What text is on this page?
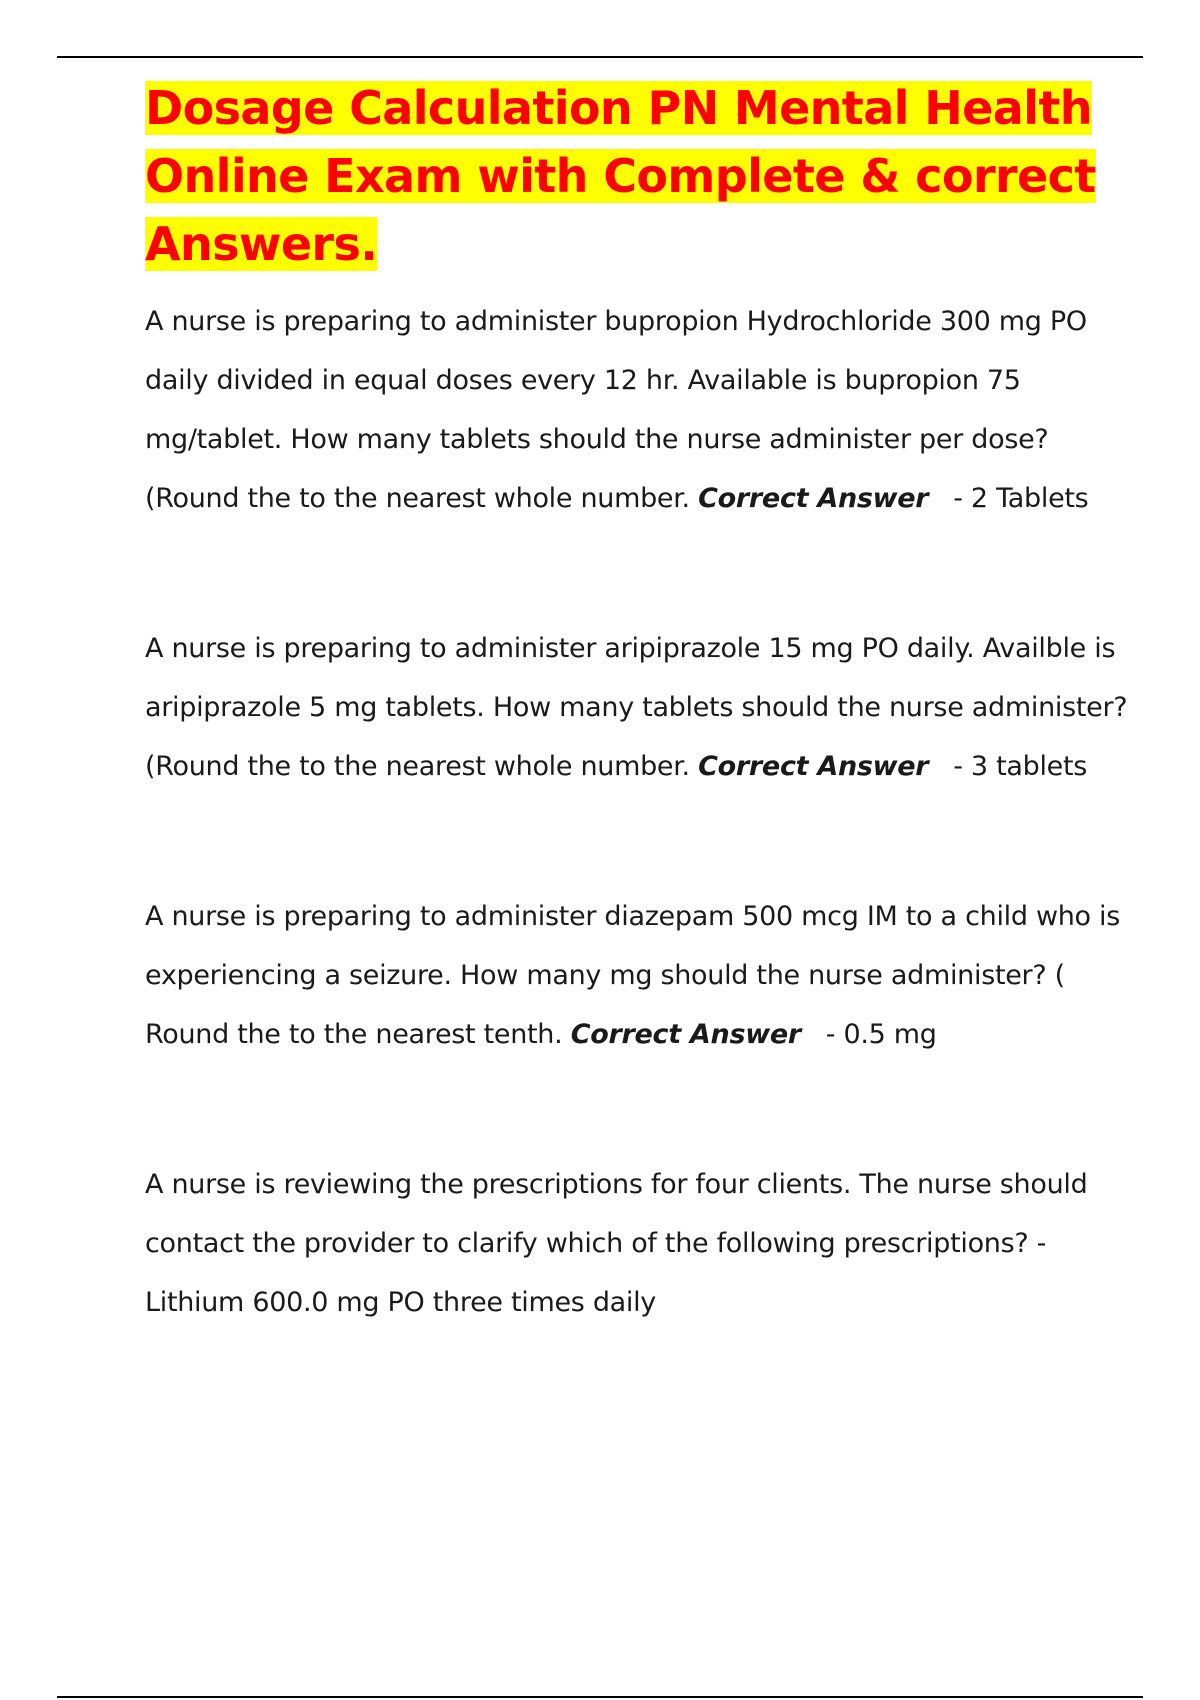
Dosage Calculation PN Mental Health Online Exam with Complete & correct Answers.

A nurse is preparing to administer bupropion Hydrochloride 300 mg PO daily divided in equal doses every 12 hr. Available is bupropion 75 mg/tablet. How many tablets should the nurse administer per dose? (Round the to the nearest whole number. Correct Answer   - 2 Tablets

A nurse is preparing to administer aripiprazole 15 mg PO daily. Availble is aripiprazole 5 mg tablets. How many tablets should the nurse administer?(Round the to the nearest whole number. Correct Answer   - 3 tablets

A nurse is preparing to administer diazepam 500 mcg IM to a child who is experiencing a seizure. How many mg should the nurse administer? ( Round the to the nearest tenth. Correct Answer   - 0.5 mg

A nurse is reviewing the prescriptions for four clients. The nurse should contact the provider to clarify which of the following prescriptions? - Lithium 600.0 mg PO three times daily
